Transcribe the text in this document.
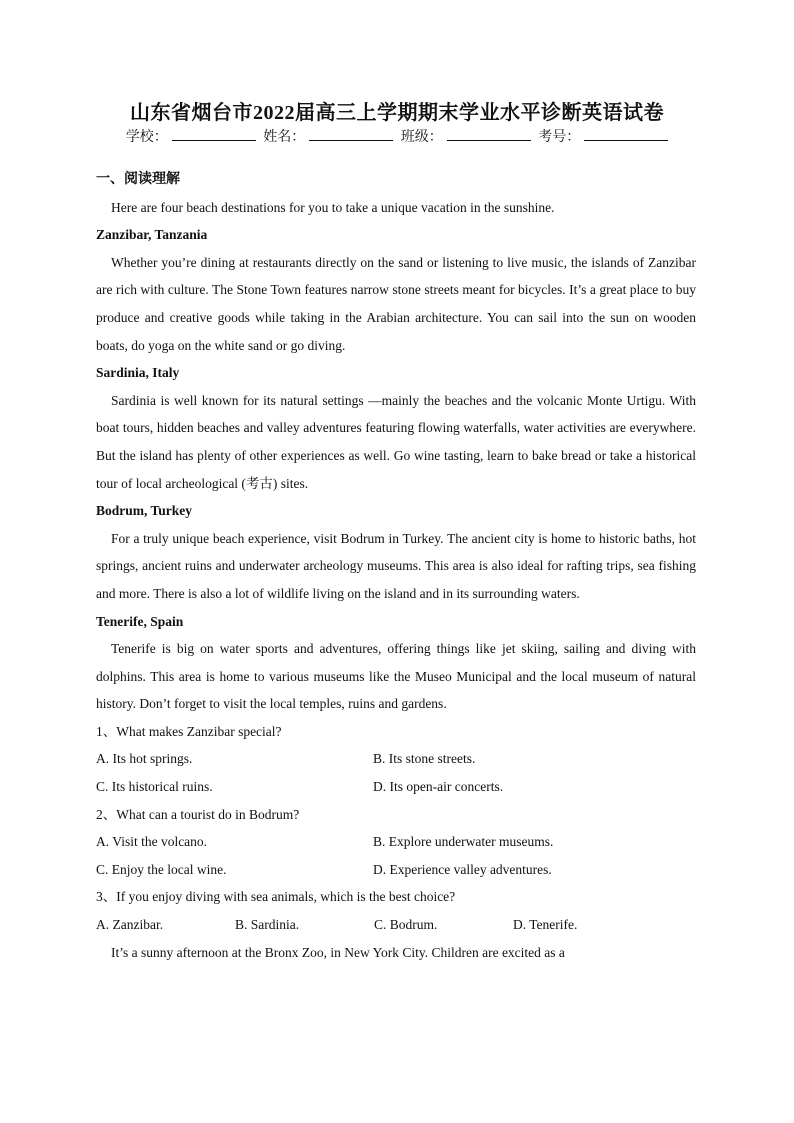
山东省烟台市2022届高三上学期期末学业水平诊断英语试卷
学校：	姓名：	班级：	考号：

一、阅读理解

Here are four beach destinations for you to take a unique vacation in the sunshine.

Zanzibar, Tanzania

Whether you’re dining at restaurants directly on the sand or listening to live music, the islands of Zanzibar are rich with culture. The Stone Town features narrow stone streets meant for bicycles. It’s a great place to buy produce and creative goods while taking in the Arabian architecture. You can sail into the sun on wooden boats, do yoga on the white sand or go diving.

Sardinia, Italy

Sardinia is well known for its natural settings —mainly the beaches and the volcanic Monte Urtigu. With boat tours, hidden beaches and valley adventures featuring flowing waterfalls, water activities are everywhere. But the island has plenty of other experiences as well. Go wine tasting, learn to bake bread or take a historical tour of local archeological (考古) sites.

Bodrum, Turkey

For a truly unique beach experience, visit Bodrum in Turkey. The ancient city is home to historic baths, hot springs, ancient ruins and underwater archeology museums. This area is also ideal for rafting trips, sea fishing and more. There is also a lot of wildlife living on the island and in its surrounding waters.

Tenerife, Spain

Tenerife is big on water sports and adventures, offering things like jet skiing, sailing and diving with dolphins. This area is home to various museums like the Museo Municipal and the local museum of natural history. Don’t forget to visit the local temples, ruins and gardens.

1、What makes Zanzibar special?

A. Its hot springs.	B. Its stone streets.
C. Its historical ruins.	D. Its open-air concerts.

2、What can a tourist do in Bodrum?

A. Visit the volcano.	B. Explore underwater museums.
C. Enjoy the local wine.	D. Experience valley adventures.

3、If you enjoy diving with sea animals, which is the best choice?

A. Zanzibar.	B. Sardinia.	C. Bodrum.	D. Tenerife.

It’s a sunny afternoon at the Bronx Zoo, in New York City. Children are excited as a
